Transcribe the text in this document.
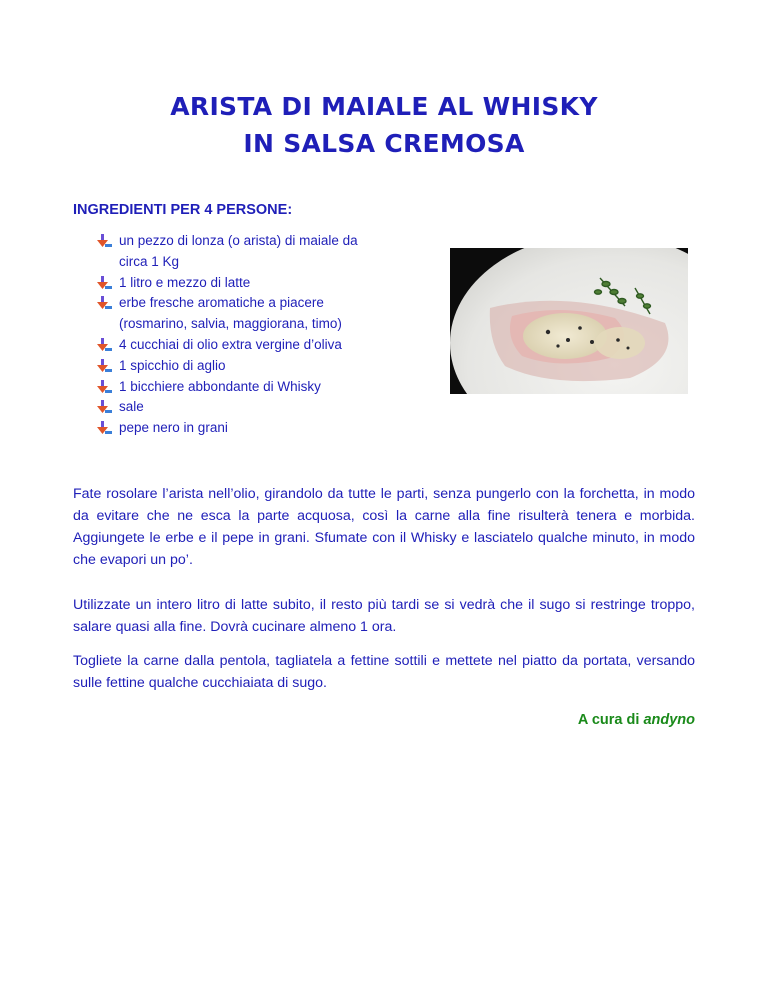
ARISTA DI MAIALE AL WHISKY
IN SALSA CREMOSA
INGREDIENTI PER 4 PERSONE:
un pezzo di lonza (o arista) di maiale da circa 1 Kg
1 litro e mezzo di latte
erbe fresche aromatiche a piacere (rosmarino, salvia, maggiorana, timo)
4 cucchiai di olio extra vergine d’oliva
1 spicchio di aglio
1 bicchiere abbondante di Whisky
sale
pepe nero in grani

Fate rosolare l’arista nell’olio, girandolo da tutte le parti, senza pungerlo con la forchetta, in modo da evitare che ne esca la parte acquosa, così la carne alla fine risulterà tenera e morbida. Aggiungete le erbe e il pepe in grani. Sfumate con il Whisky e lasciatelo qualche minuto, in modo che evapori un po’.

Utilizzate un intero litro di latte subito, il resto più tardi se si vedrà che il sugo si restringe troppo, salare quasi alla fine. Dovrà cucinare almeno 1 ora.

Togliete la carne dalla pentola, tagliatela a fettine sottili e mettete nel piatto da portata, versando sulle fettine qualche cucchiaiata di sugo.

A cura di andyno
